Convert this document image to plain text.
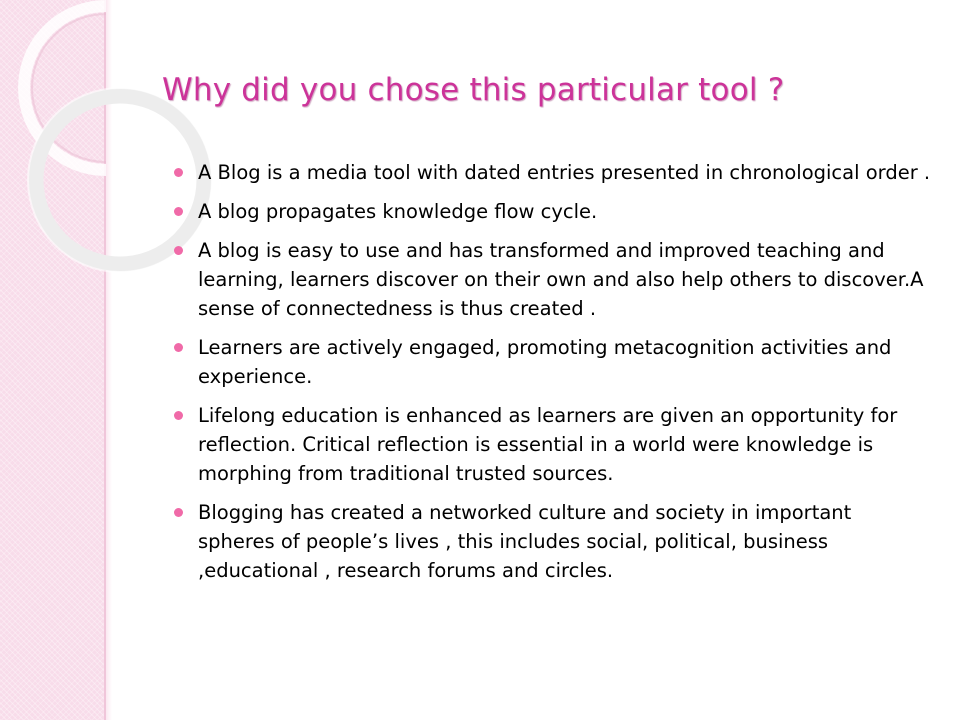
Why did you chose this particular tool ?
A Blog is a media tool with dated entries presented in chronological order .
A blog propagates knowledge flow cycle.
A blog is easy to use and has transformed and improved teaching and learning, learners discover on their own and also help others to discover.A sense of connectedness is thus created .
Learners are actively engaged, promoting metacognition activities and experience.
Lifelong education is enhanced as learners are given an opportunity for reflection. Critical reflection is essential in a world were knowledge is morphing from traditional trusted sources.
Blogging has created a networked culture and society in important spheres of people’s lives , this includes social, political, business ,educational , research forums and circles.
